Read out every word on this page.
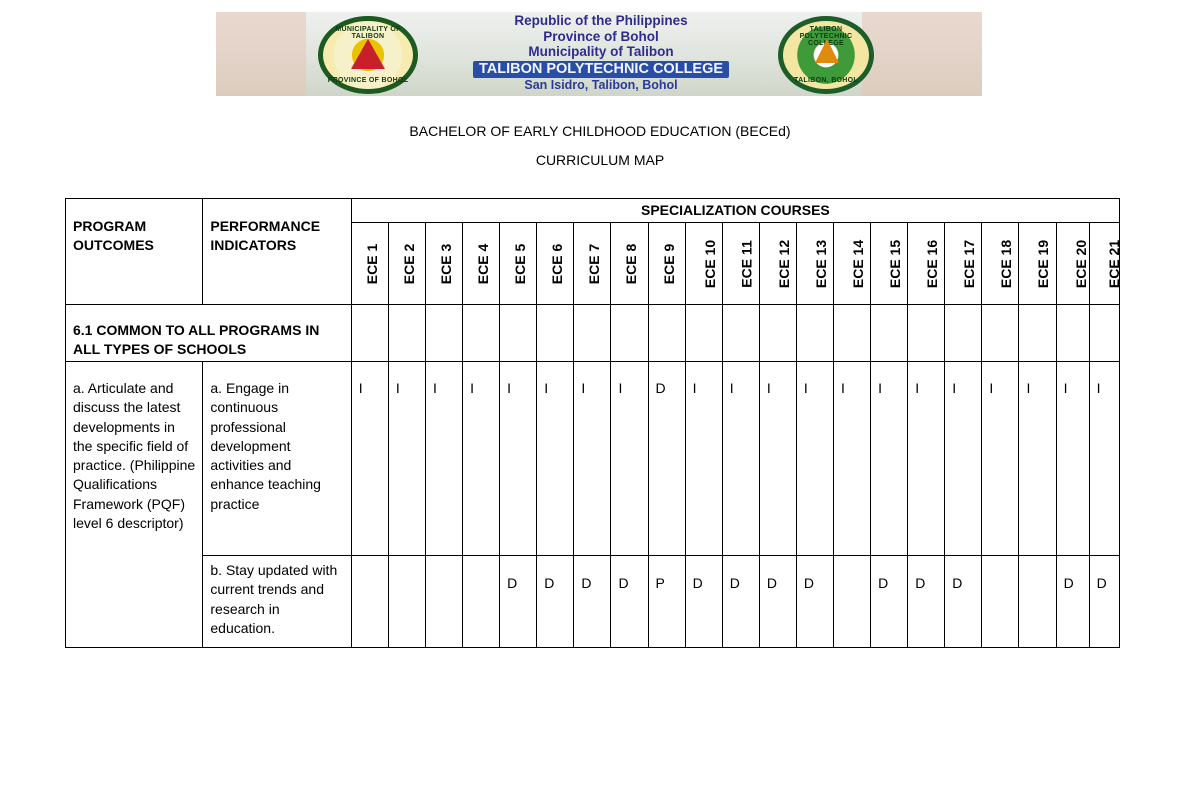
MUNICIPALITY OF TALIBON
PROVINCE OF BOHOL
Republic of the Philippines
Province of Bohol
Municipality of Talibon
TALIBON POLYTECHNIC COLLEGE
San Isidro, Talibon, Bohol
TALIBON POLYTECHNIC COLLEGE
TALIBON, BOHOL
BACHELOR OF EARLY CHILDHOOD EDUCATION (BECEd)
CURRICULUM MAP
PROGRAM OUTCOMES	PERFORMANCE INDICATORS	SPECIALIZATION COURSES																				
		ECE 1	ECE 2	ECE 3	ECE 4	ECE 5	ECE 6	ECE 7	ECE 8	ECE 9	ECE 10	ECE 11	ECE 12	ECE 13	ECE 14	ECE 15	ECE 16	ECE 17	ECE 18	ECE 19	ECE 20	ECE 21
6.1 COMMON TO ALL PROGRAMS IN ALL TYPES OF SCHOOLS																						
a. Articulate and discuss the latest developments in the specific field of practice. (Philippine Qualifications Framework (PQF) level 6 descriptor)	a. Engage in continuous professional development activities and enhance teaching practice	I	I	I	I	I	I	I	I	D	I	I	I	I	I	I	I	I	I	I	I	I
	b. Stay updated with current trends and research in education.					D	D	D	D	P	D	D	D	D		D	D	D			D	D
